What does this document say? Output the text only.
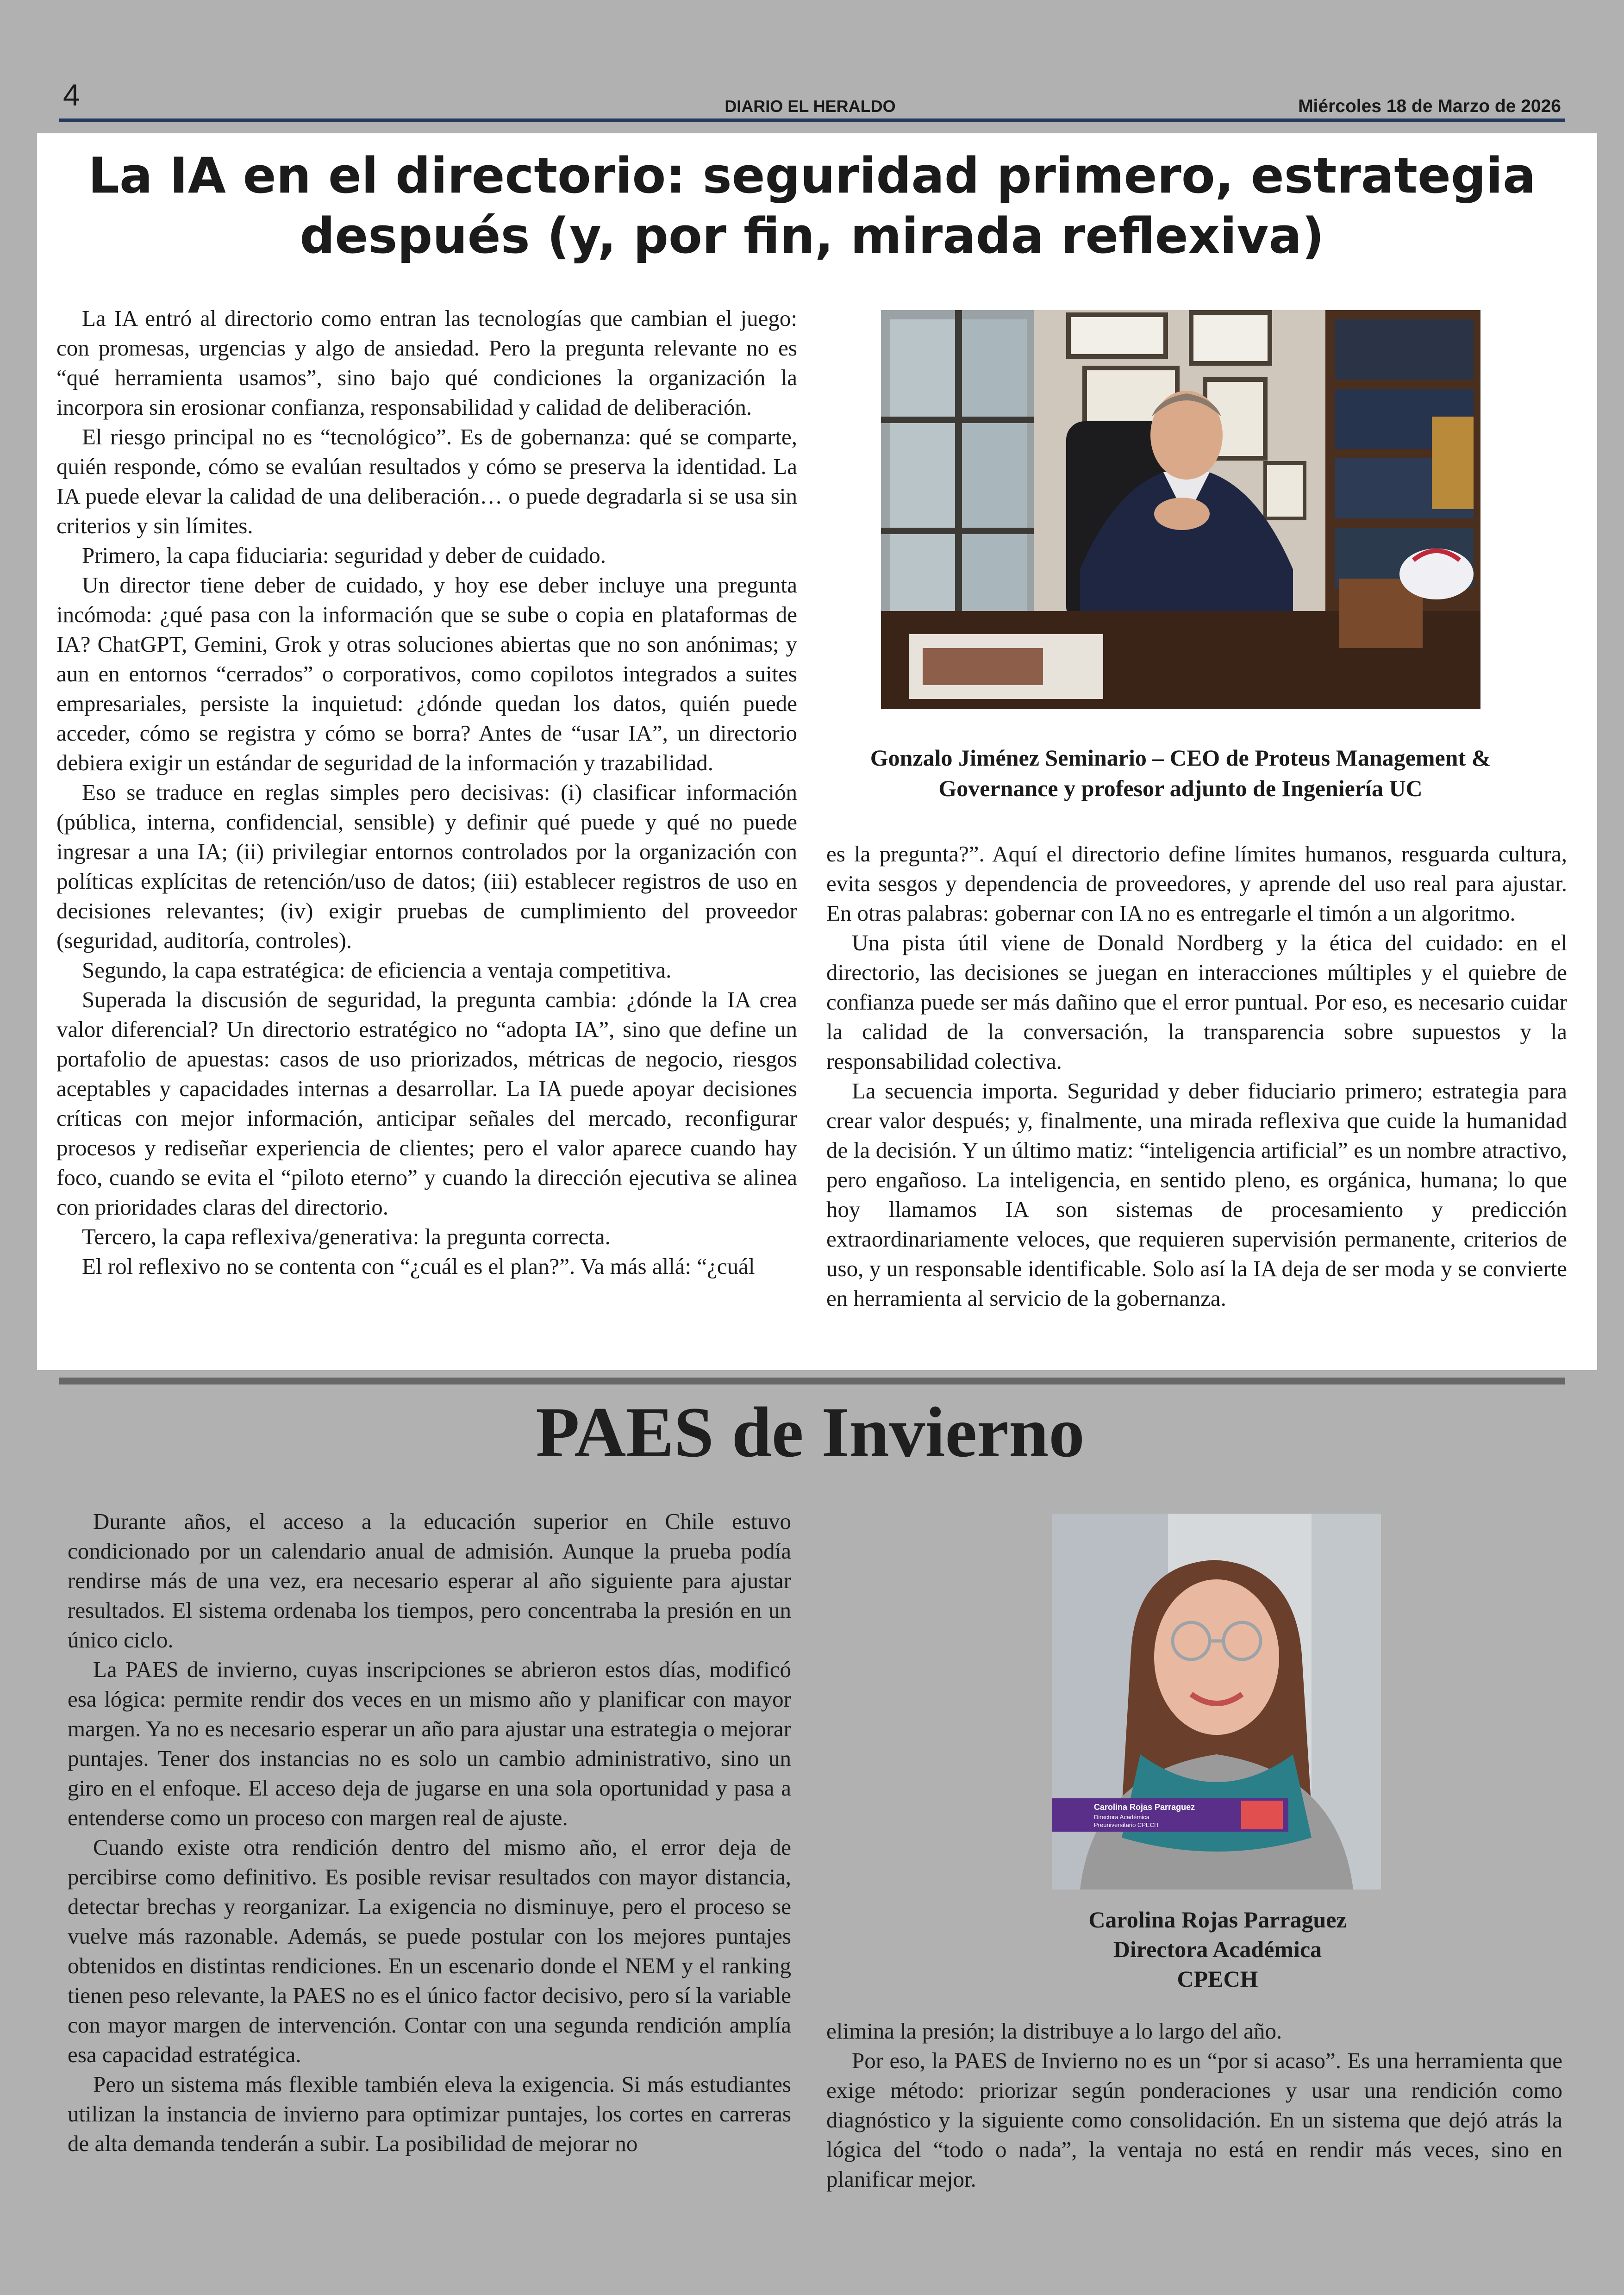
4	DIARIO EL HERALDO	Miércoles 18 de Marzo de 2026
La IA en el directorio: seguridad primero, estrategia
después (y, por fin, mirada reflexiva)

La IA entró al directorio como entran las tecnologías que cambian el juego: con promesas, urgencias y algo de ansiedad. Pero la pregunta relevante no es “qué herramienta usamos”, sino bajo qué condiciones la organización la incorpora sin erosionar confianza, responsabilidad y calidad de deliberación.

El riesgo principal no es “tecnológico”. Es de gobernanza: qué se comparte, quién responde, cómo se evalúan resultados y cómo se preserva la identidad. La IA puede elevar la calidad de una deliberación… o puede degradarla si se usa sin criterios y sin límites.

Primero, la capa fiduciaria: seguridad y deber de cuidado.

Un director tiene deber de cuidado, y hoy ese deber incluye una pregunta incómoda: ¿qué pasa con la información que se sube o copia en plataformas de IA? ChatGPT, Gemini, Grok y otras soluciones abiertas que no son anónimas; y aun en entornos “cerrados” o corporativos, como copilotos integrados a suites empresariales, persiste la inquietud: ¿dónde quedan los datos, quién puede acceder, cómo se registra y cómo se borra? Antes de “usar IA”, un directorio debiera exigir un estándar de seguridad de la información y trazabilidad.

Eso se traduce en reglas simples pero decisivas: (i) clasificar información (pública, interna, confidencial, sensible) y definir qué puede y qué no puede ingresar a una IA; (ii) privilegiar entornos controlados por la organización con políticas explícitas de retención/uso de datos; (iii) establecer registros de uso en decisiones relevantes; (iv) exigir pruebas de cumplimiento del proveedor (seguridad, auditoría, controles).

Segundo, la capa estratégica: de eficiencia a ventaja competitiva.

Superada la discusión de seguridad, la pregunta cambia: ¿dónde la IA crea valor diferencial? Un directorio estratégico no “adopta IA”, sino que define un portafolio de apuestas: casos de uso priorizados, métricas de negocio, riesgos aceptables y capacidades internas a desarrollar. La IA puede apoyar decisiones críticas con mejor información, anticipar señales del mercado, reconfigurar procesos y rediseñar experiencia de clientes; pero el valor aparece cuando hay foco, cuando se evita el “piloto eterno” y cuando la dirección ejecutiva se alinea con prioridades claras del directorio.

Tercero, la capa reflexiva/generativa: la pregunta correcta.

El rol reflexivo no se contenta con “¿cuál es el plan?”. Va más allá: “¿cuál

Gonzalo Jiménez Seminario – CEO de Proteus Management &
Governance y profesor adjunto de Ingeniería UC

es la pregunta?”. Aquí el directorio define límites humanos, resguarda cultura, evita sesgos y dependencia de proveedores, y aprende del uso real para ajustar. En otras palabras: gobernar con IA no es entregarle el timón a un algoritmo.

Una pista útil viene de Donald Nordberg y la ética del cuidado: en el directorio, las decisiones se juegan en interacciones múltiples y el quiebre de confianza puede ser más dañino que el error puntual. Por eso, es necesario cuidar la calidad de la conversación, la transparencia sobre supuestos y la responsabilidad colectiva.

La secuencia importa. Seguridad y deber fiduciario primero; estrategia para crear valor después; y, finalmente, una mirada reflexiva que cuide la humanidad de la decisión. Y un último matiz: “inteligencia artificial” es un nombre atractivo, pero engañoso. La inteligencia, en sentido pleno, es orgánica, humana; lo que hoy llamamos IA son sistemas de procesamiento y predicción extraordinariamente veloces, que requieren supervisión permanente, criterios de uso, y un responsable identificable. Solo así la IA deja de ser moda y se convierte en herramienta al servicio de la gobernanza.

PAES de Invierno

Durante años, el acceso a la educación superior en Chile estuvo condicionado por un calendario anual de admisión. Aunque la prueba podía rendirse más de una vez, era necesario esperar al año siguiente para ajustar resultados. El sistema ordenaba los tiempos, pero concentraba la presión en un único ciclo.

La PAES de invierno, cuyas inscripciones se abrieron estos días, modificó esa lógica: permite rendir dos veces en un mismo año y planificar con mayor margen. Ya no es necesario esperar un año para ajustar una estrategia o mejorar puntajes. Tener dos instancias no es solo un cambio administrativo, sino un giro en el enfoque. El acceso deja de jugarse en una sola oportunidad y pasa a entenderse como un proceso con margen real de ajuste.

Cuando existe otra rendición dentro del mismo año, el error deja de percibirse como definitivo. Es posible revisar resultados con mayor distancia, detectar brechas y reorganizar. La exigencia no disminuye, pero el proceso se vuelve más razonable. Además, se puede postular con los mejores puntajes obtenidos en distintas rendiciones. En un escenario donde el NEM y el ranking tienen peso relevante, la PAES no es el único factor decisivo, pero sí la variable con mayor margen de intervención. Contar con una segunda rendición amplía esa capacidad estratégica.

Pero un sistema más flexible también eleva la exigencia. Si más estudiantes utilizan la instancia de invierno para optimizar puntajes, los cortes en carreras de alta demanda tenderán a subir. La posibilidad de mejorar no

Carolina Rojas Parraguez
Directora Académica
Preuniversitario CPECH
Carolina Rojas Parraguez
Directora Académica
CPECH

elimina la presión; la distribuye a lo largo del año.

Por eso, la PAES de Invierno no es un “por si acaso”. Es una herramienta que exige método: priorizar según ponderaciones y usar una rendición como diagnóstico y la siguiente como consolidación. En un sistema que dejó atrás la lógica del “todo o nada”, la ventaja no está en rendir más veces, sino en planificar mejor.
